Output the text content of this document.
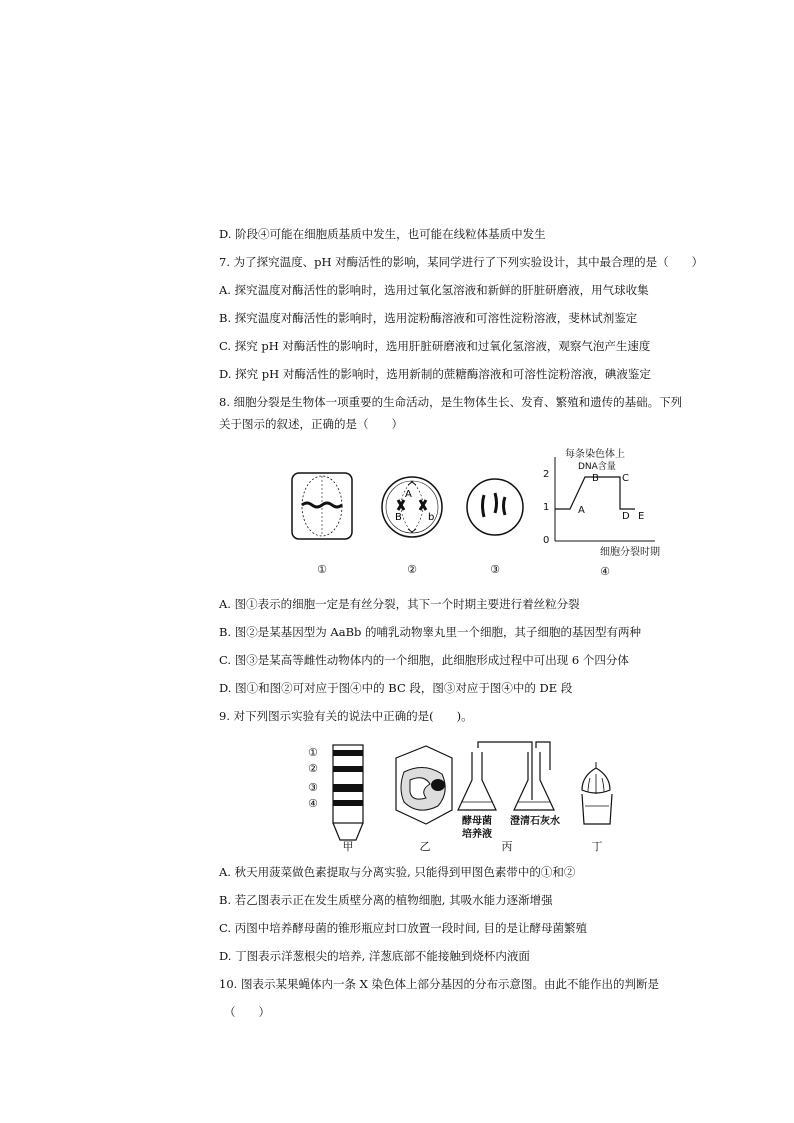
D. 阶段④可能在细胞质基质中发生，也可能在线粒体基质中发生
7. 为了探究温度、pH 对酶活性的影响，某同学进行了下列实验设计，其中最合理的是（　　）
A. 探究温度对酶活性的影响时，选用过氧化氢溶液和新鲜的肝脏研磨液，用气球收集
B. 探究温度对酶活性的影响时，选用淀粉酶溶液和可溶性淀粉溶液，斐林试剂鉴定
C. 探究 pH 对酶活性的影响时，选用肝脏研磨液和过氧化氢溶液，观察气泡产生速度
D. 探究 pH 对酶活性的影响时，选用新制的蔗糖酶溶液和可溶性淀粉溶液，碘液鉴定
8. 细胞分裂是生物体一项重要的生命活动，是生物体生长、发育、繁殖和遗传的基础。下列
关于图示的叙述，正确的是（　　）
A. 图①表示的细胞一定是有丝分裂，其下一个时期主要进行着丝粒分裂
B. 图②是某基因型为 AaBb 的哺乳动物睾丸里一个细胞，其子细胞的基因型有两种
C. 图③是某高等雌性动物体内的一个细胞，此细胞形成过程中可出现 6 个四分体
D. 图①和图②可对应于图④中的 BC 段，图③对应于图④中的 DE 段
9. 对下列图示实验有关的说法中正确的是(　　)。
A. 秋天用菠菜做色素提取与分离实验, 只能得到甲图色素带中的①和②
B. 若乙图表示正在发生质壁分离的植物细胞, 其吸水能力逐渐增强
C. 丙图中培养酵母菌的锥形瓶应封口放置一段时间, 目的是让酵母菌繁殖
D. 丁图表示洋葱根尖的培养, 洋葱底部不能接触到烧杯内液面
10. 图表示某果蝇体内一条 X 染色体上部分基因的分布示意图。由此不能作出的判断是
（　　）
A
B	b
每条染色体上
DNA含量
2
1
0
A
B C
D E
细胞分裂时期
①	②	③	④
①
②
③
④
酵母菌
培养液
澄清石灰水
甲	乙	丙	丁
